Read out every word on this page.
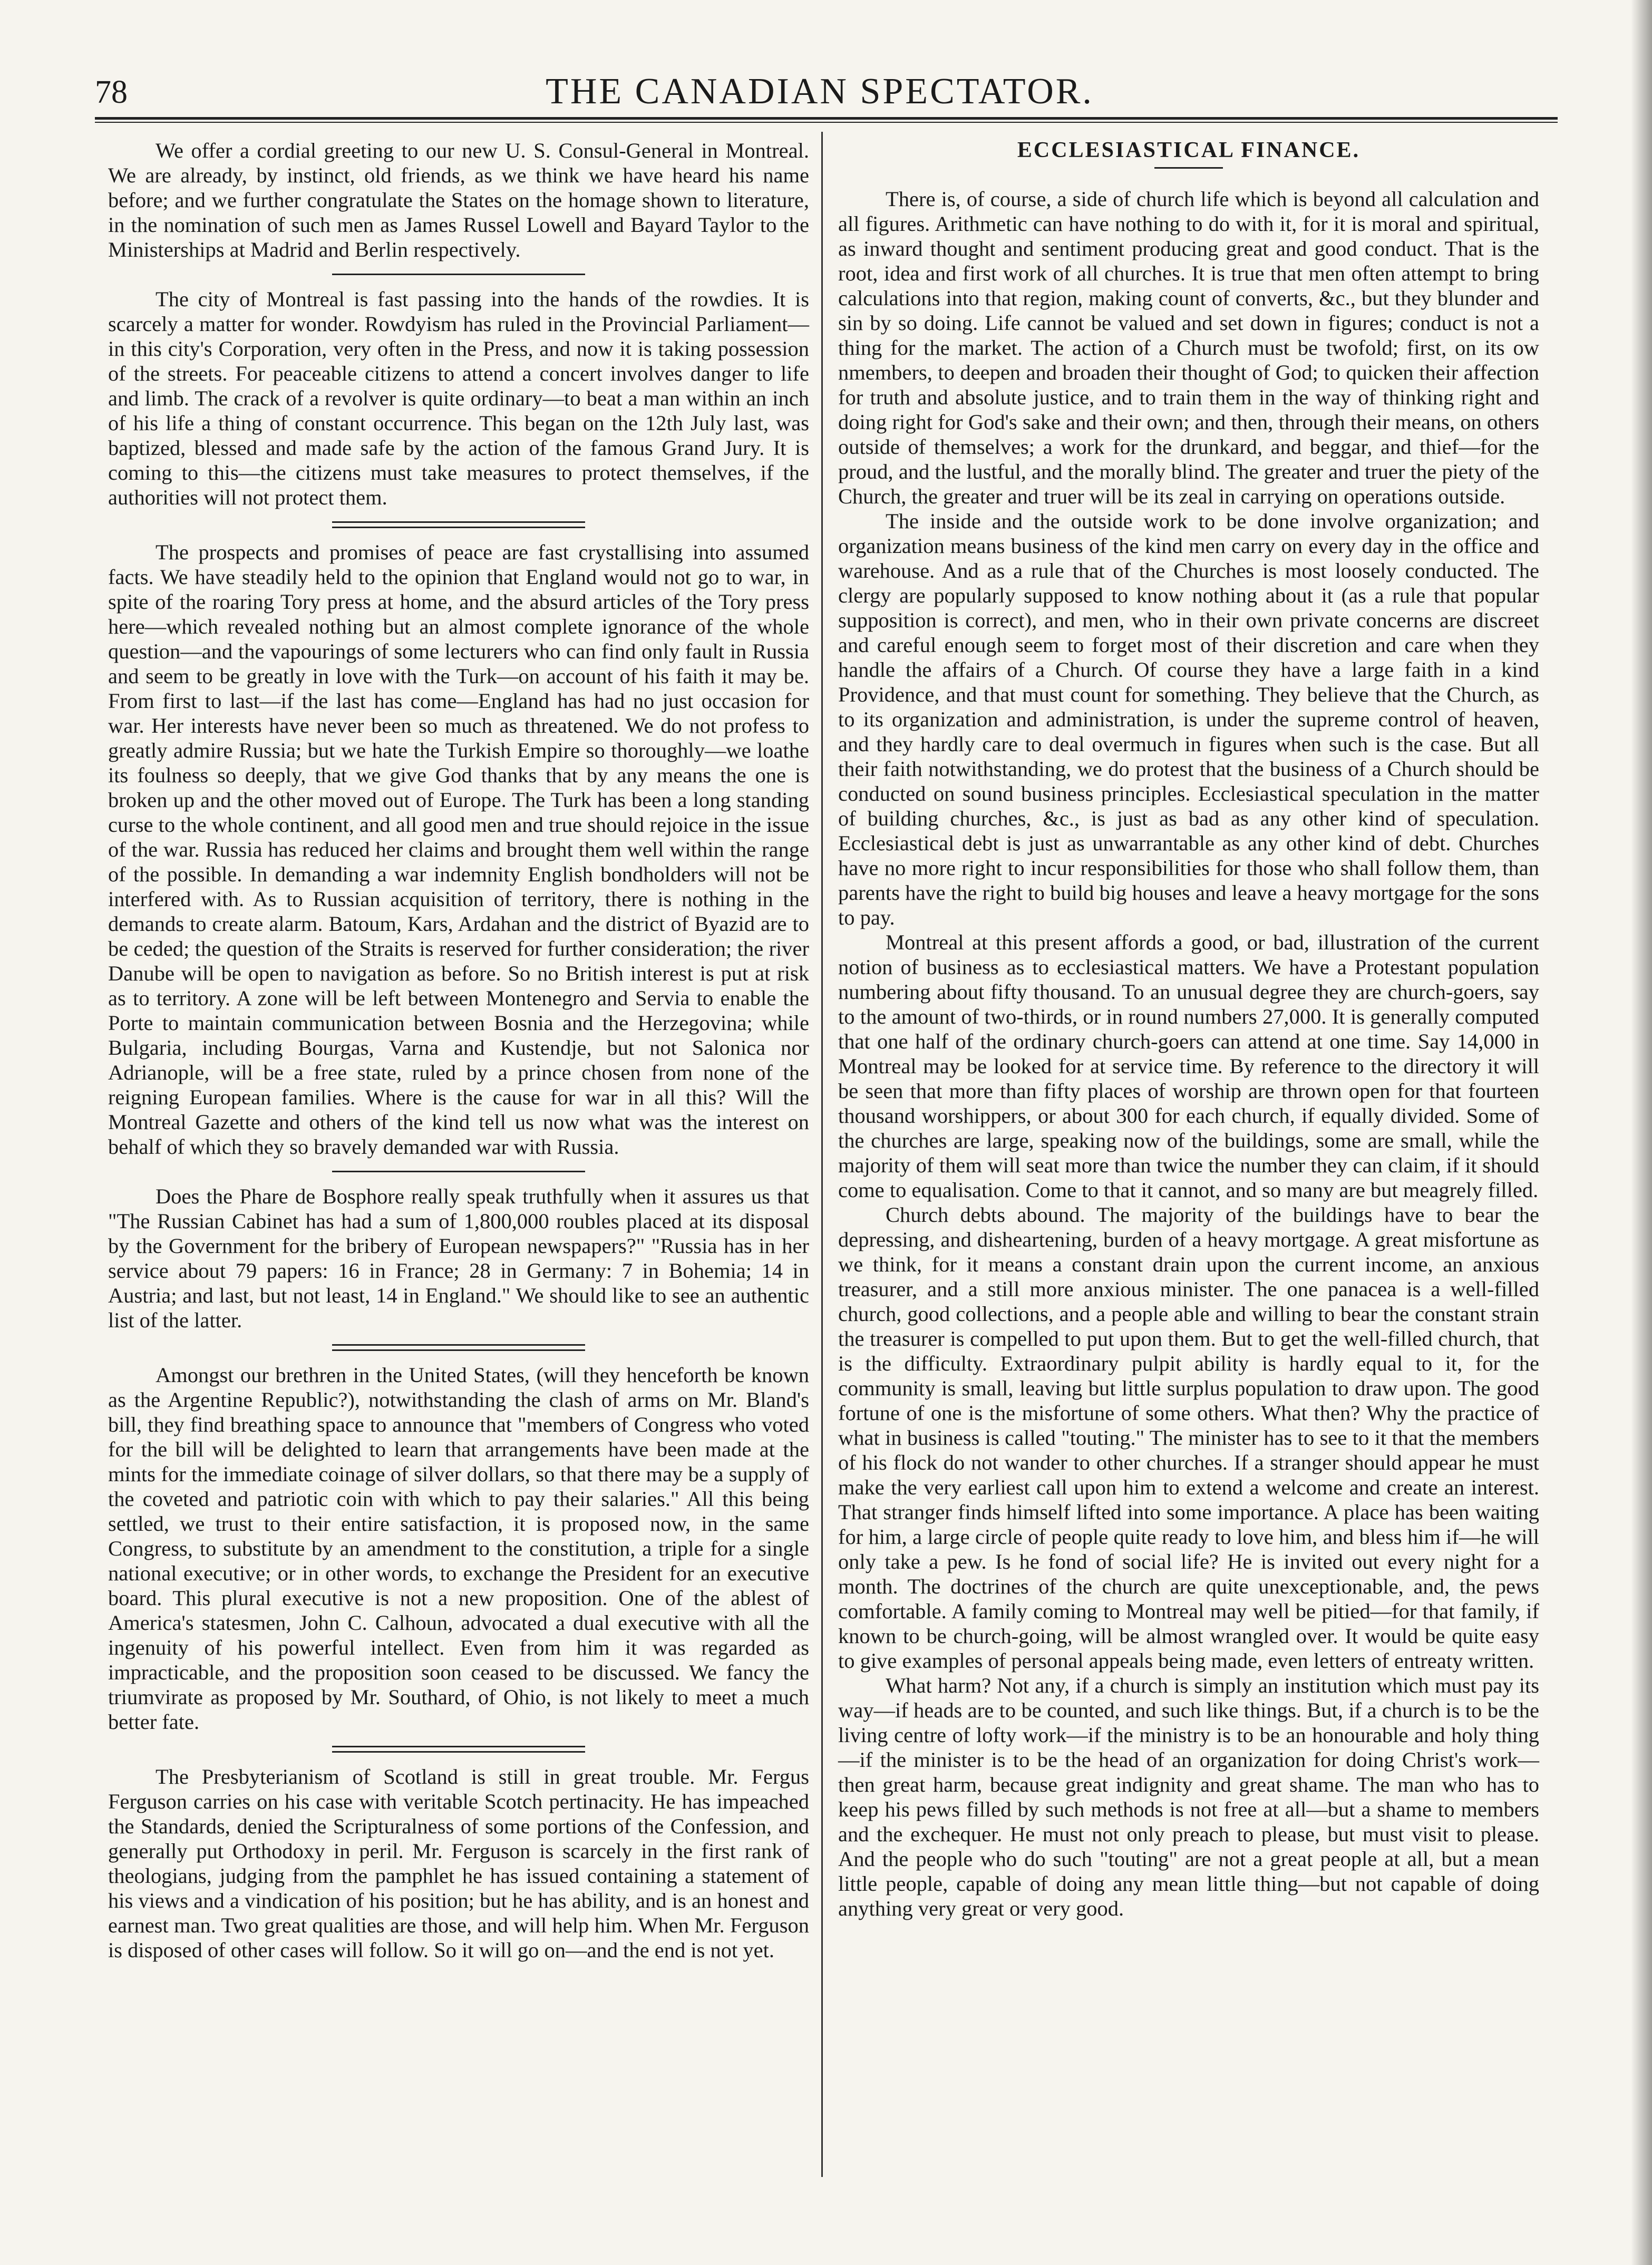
78	THE CANADIAN SPECTATOR.

We offer a cordial greeting to our new U. S. Consul-General in Montreal. We are already, by instinct, old friends, as we think we have heard his name before; and we further congratulate the States on the homage shown to literature, in the nomination of such men as James Russel Lowell and Bayard Taylor to the Ministerships at Madrid and Berlin respectively.

The city of Montreal is fast passing into the hands of the rowdies. It is scarcely a matter for wonder. Rowdyism has ruled in the Provincial Parliament—in this city's Corporation, very often in the Press, and now it is taking possession of the streets. For peaceable citizens to attend a concert involves danger to life and limb. The crack of a revolver is quite ordinary—to beat a man within an inch of his life a thing of constant occurrence. This began on the 12th July last, was baptized, blessed and made safe by the action of the famous Grand Jury. It is coming to this—the citizens must take measures to protect themselves, if the authorities will not protect them.

The prospects and promises of peace are fast crystallising into assumed facts. We have steadily held to the opinion that England would not go to war, in spite of the roaring Tory press at home, and the absurd articles of the Tory press here—which revealed nothing but an almost complete ignorance of the whole question—and the vapourings of some lecturers who can find only fault in Russia and seem to be greatly in love with the Turk—on account of his faith it may be. From first to last—if the last has come—England has had no just occasion for war. Her interests have never been so much as threatened. We do not profess to greatly admire Russia; but we hate the Turkish Empire so thoroughly—we loathe its foulness so deeply, that we give God thanks that by any means the one is broken up and the other moved out of Europe. The Turk has been a long standing curse to the whole continent, and all good men and true should rejoice in the issue of the war. Russia has reduced her claims and brought them well within the range of the possible. In demanding a war indemnity English bondholders will not be interfered with. As to Russian acquisition of territory, there is nothing in the demands to create alarm. Batoum, Kars, Ardahan and the district of Byazid are to be ceded; the question of the Straits is reserved for further consideration; the river Danube will be open to navigation as before. So no British interest is put at risk as to territory. A zone will be left between Montenegro and Servia to enable the Porte to maintain communication between Bosnia and the Herzegovina; while Bulgaria, including Bourgas, Varna and Kustendje, but not Salonica nor Adrianople, will be a free state, ruled by a prince chosen from none of the reigning European families. Where is the cause for war in all this? Will the Montreal Gazette and others of the kind tell us now what was the interest on behalf of which they so bravely demanded war with Russia.

Does the Phare de Bosphore really speak truthfully when it assures us that "The Russian Cabinet has had a sum of 1,800,000 roubles placed at its disposal by the Government for the bribery of European newspapers?" "Russia has in her service about 79 papers: 16 in France; 28 in Germany: 7 in Bohemia; 14 in Austria; and last, but not least, 14 in England." We should like to see an authentic list of the latter.

Amongst our brethren in the United States, (will they henceforth be known as the Argentine Republic?), notwithstanding the clash of arms on Mr. Bland's bill, they find breathing space to announce that "members of Congress who voted for the bill will be delighted to learn that arrangements have been made at the mints for the immediate coinage of silver dollars, so that there may be a supply of the coveted and patriotic coin with which to pay their salaries." All this being settled, we trust to their entire satisfaction, it is proposed now, in the same Congress, to substitute by an amendment to the constitution, a triple for a single national executive; or in other words, to exchange the President for an executive board. This plural executive is not a new proposition. One of the ablest of America's statesmen, John C. Calhoun, advocated a dual executive with all the ingenuity of his powerful intellect. Even from him it was regarded as impracticable, and the proposition soon ceased to be discussed. We fancy the triumvirate as proposed by Mr. Southard, of Ohio, is not likely to meet a much better fate.

The Presbyterianism of Scotland is still in great trouble. Mr. Fergus Ferguson carries on his case with veritable Scotch pertinacity. He has impeached the Standards, denied the Scripturalness of some portions of the Confession, and generally put Orthodoxy in peril. Mr. Ferguson is scarcely in the first rank of theologians, judging from the pamphlet he has issued containing a statement of his views and a vindication of his position; but he has ability, and is an honest and earnest man. Two great qualities are those, and will help him. When Mr. Ferguson is disposed of other cases will follow. So it will go on—and the end is not yet.

ECCLESIASTICAL FINANCE.

There is, of course, a side of church life which is beyond all calculation and all figures. Arithmetic can have nothing to do with it, for it is moral and spiritual, as inward thought and sentiment producing great and good conduct. That is the root, idea and first work of all churches. It is true that men often attempt to bring calculations into that region, making count of converts, &c., but they blunder and sin by so doing. Life cannot be valued and set down in figures; conduct is not a thing for the market. The action of a Church must be twofold; first, on its ow nmembers, to deepen and broaden their thought of God; to quicken their affection for truth and absolute justice, and to train them in the way of thinking right and doing right for God's sake and their own; and then, through their means, on others outside of themselves; a work for the drunkard, and beggar, and thief—for the proud, and the lustful, and the morally blind. The greater and truer the piety of the Church, the greater and truer will be its zeal in carrying on operations outside.

The inside and the outside work to be done involve organization; and organization means business of the kind men carry on every day in the office and warehouse. And as a rule that of the Churches is most loosely conducted. The clergy are popularly supposed to know nothing about it (as a rule that popular supposition is correct), and men, who in their own private concerns are discreet and careful enough seem to forget most of their discretion and care when they handle the affairs of a Church. Of course they have a large faith in a kind Providence, and that must count for something. They believe that the Church, as to its organization and administration, is under the supreme control of heaven, and they hardly care to deal overmuch in figures when such is the case. But all their faith notwithstanding, we do protest that the business of a Church should be conducted on sound business principles. Ecclesiastical speculation in the matter of building churches, &c., is just as bad as any other kind of speculation. Ecclesiastical debt is just as unwarrantable as any other kind of debt. Churches have no more right to incur responsibilities for those who shall follow them, than parents have the right to build big houses and leave a heavy mortgage for the sons to pay.

Montreal at this present affords a good, or bad, illustration of the current notion of business as to ecclesiastical matters. We have a Protestant population numbering about fifty thousand. To an unusual degree they are church-goers, say to the amount of two-thirds, or in round numbers 27,000. It is generally computed that one half of the ordinary church-goers can attend at one time. Say 14,000 in Montreal may be looked for at service time. By reference to the directory it will be seen that more than fifty places of worship are thrown open for that fourteen thousand worshippers, or about 300 for each church, if equally divided. Some of the churches are large, speaking now of the buildings, some are small, while the majority of them will seat more than twice the number they can claim, if it should come to equalisation. Come to that it cannot, and so many are but meagrely filled.

Church debts abound. The majority of the buildings have to bear the depressing, and disheartening, burden of a heavy mortgage. A great misfortune as we think, for it means a constant drain upon the current income, an anxious treasurer, and a still more anxious minister. The one panacea is a well-filled church, good collections, and a people able and willing to bear the constant strain the treasurer is compelled to put upon them. But to get the well-filled church, that is the difficulty. Extraordinary pulpit ability is hardly equal to it, for the community is small, leaving but little surplus population to draw upon. The good fortune of one is the misfortune of some others. What then? Why the practice of what in business is called "touting." The minister has to see to it that the members of his flock do not wander to other churches. If a stranger should appear he must make the very earliest call upon him to extend a welcome and create an interest. That stranger finds himself lifted into some importance. A place has been waiting for him, a large circle of people quite ready to love him, and bless him if—he will only take a pew. Is he fond of social life? He is invited out every night for a month. The doctrines of the church are quite unexceptionable, and, the pews comfortable. A family coming to Montreal may well be pitied—for that family, if known to be church-going, will be almost wrangled over. It would be quite easy to give examples of personal appeals being made, even letters of entreaty written.

What harm? Not any, if a church is simply an institution which must pay its way—if heads are to be counted, and such like things. But, if a church is to be the living centre of lofty work—if the ministry is to be an honourable and holy thing—if the minister is to be the head of an organization for doing Christ's work—then great harm, because great indignity and great shame. The man who has to keep his pews filled by such methods is not free at all—but a shame to members and the exchequer. He must not only preach to please, but must visit to please. And the people who do such "touting" are not a great people at all, but a mean little people, capable of doing any mean little thing—but not capable of doing anything very great or very good.
